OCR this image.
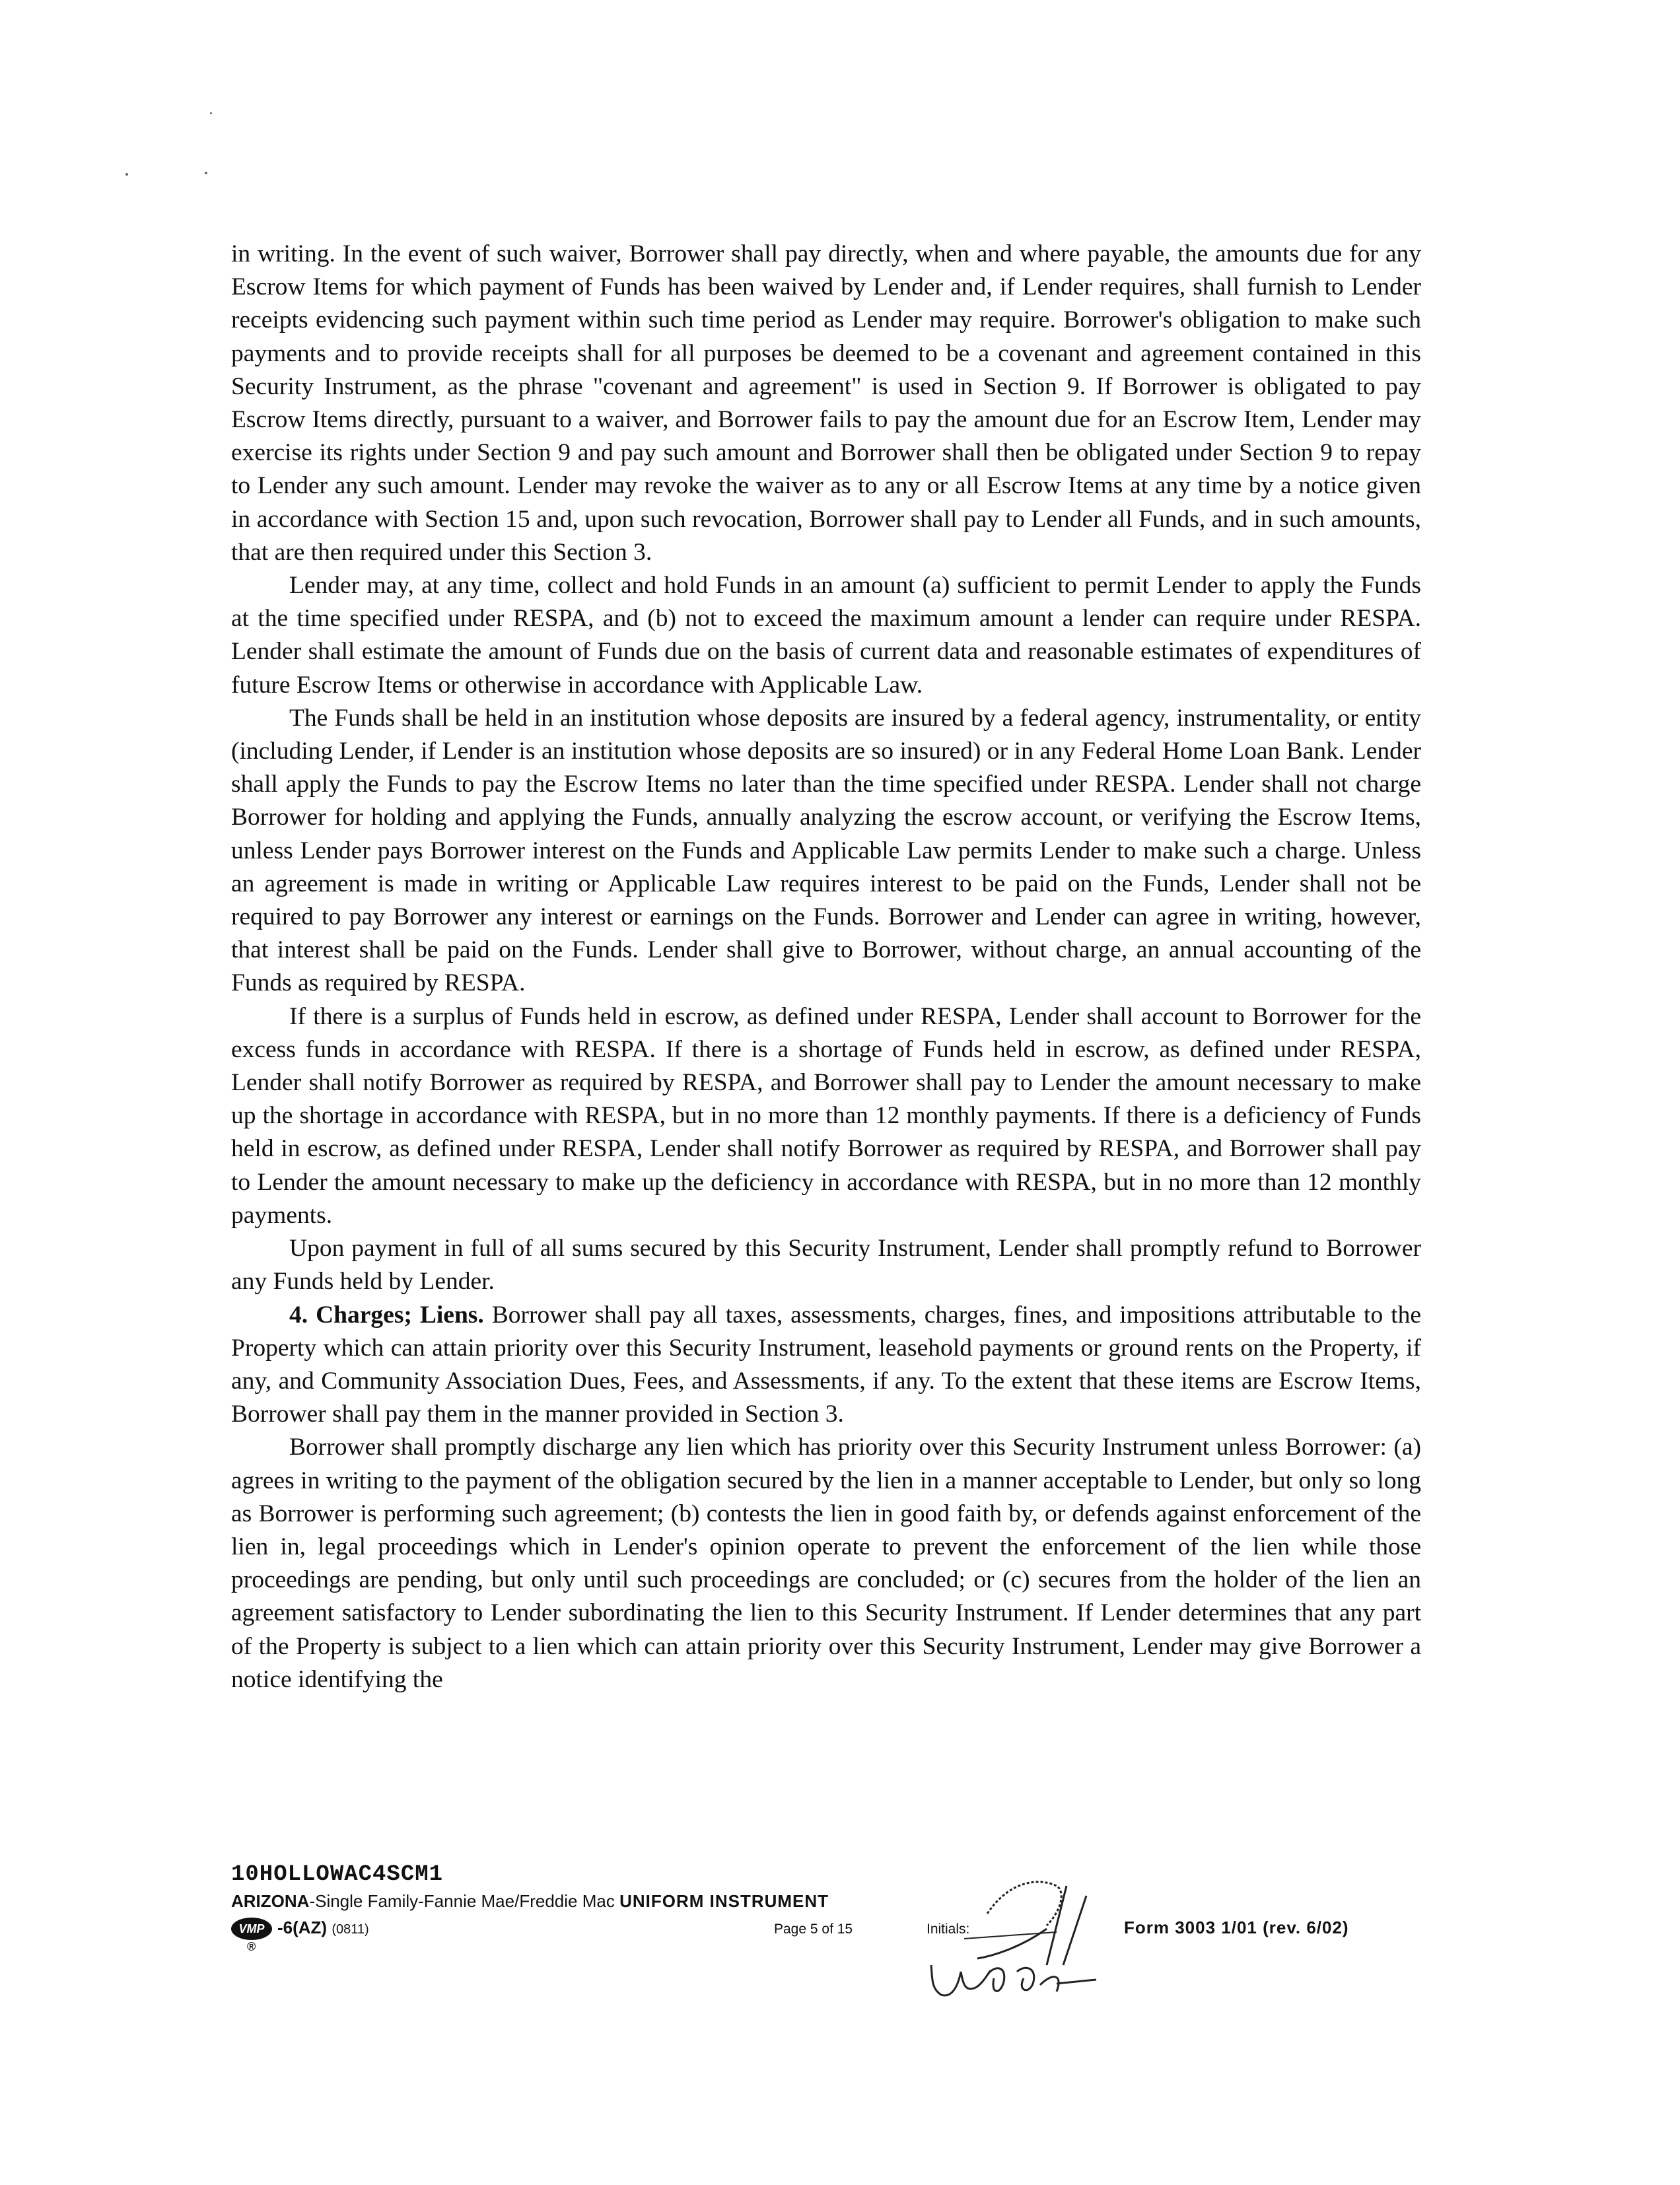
in writing. In the event of such waiver, Borrower shall pay directly, when and where payable, the amounts due for any Escrow Items for which payment of Funds has been waived by Lender and, if Lender requires, shall furnish to Lender receipts evidencing such payment within such time period as Lender may require. Borrower's obligation to make such payments and to provide receipts shall for all purposes be deemed to be a covenant and agreement contained in this Security Instrument, as the phrase "covenant and agreement" is used in Section 9. If Borrower is obligated to pay Escrow Items directly, pursuant to a waiver, and Borrower fails to pay the amount due for an Escrow Item, Lender may exercise its rights under Section 9 and pay such amount and Borrower shall then be obligated under Section 9 to repay to Lender any such amount. Lender may revoke the waiver as to any or all Escrow Items at any time by a notice given in accordance with Section 15 and, upon such revocation, Borrower shall pay to Lender all Funds, and in such amounts, that are then required under this Section 3.

Lender may, at any time, collect and hold Funds in an amount (a) sufficient to permit Lender to apply the Funds at the time specified under RESPA, and (b) not to exceed the maximum amount a lender can require under RESPA. Lender shall estimate the amount of Funds due on the basis of current data and reasonable estimates of expenditures of future Escrow Items or otherwise in accordance with Applicable Law.

The Funds shall be held in an institution whose deposits are insured by a federal agency, instrumentality, or entity (including Lender, if Lender is an institution whose deposits are so insured) or in any Federal Home Loan Bank. Lender shall apply the Funds to pay the Escrow Items no later than the time specified under RESPA. Lender shall not charge Borrower for holding and applying the Funds, annually analyzing the escrow account, or verifying the Escrow Items, unless Lender pays Borrower interest on the Funds and Applicable Law permits Lender to make such a charge. Unless an agreement is made in writing or Applicable Law requires interest to be paid on the Funds, Lender shall not be required to pay Borrower any interest or earnings on the Funds. Borrower and Lender can agree in writing, however, that interest shall be paid on the Funds. Lender shall give to Borrower, without charge, an annual accounting of the Funds as required by RESPA.

If there is a surplus of Funds held in escrow, as defined under RESPA, Lender shall account to Borrower for the excess funds in accordance with RESPA. If there is a shortage of Funds held in escrow, as defined under RESPA, Lender shall notify Borrower as required by RESPA, and Borrower shall pay to Lender the amount necessary to make up the shortage in accordance with RESPA, but in no more than 12 monthly payments. If there is a deficiency of Funds held in escrow, as defined under RESPA, Lender shall notify Borrower as required by RESPA, and Borrower shall pay to Lender the amount necessary to make up the deficiency in accordance with RESPA, but in no more than 12 monthly payments.

Upon payment in full of all sums secured by this Security Instrument, Lender shall promptly refund to Borrower any Funds held by Lender.

4. Charges; Liens. Borrower shall pay all taxes, assessments, charges, fines, and impositions attributable to the Property which can attain priority over this Security Instrument, leasehold payments or ground rents on the Property, if any, and Community Association Dues, Fees, and Assessments, if any. To the extent that these items are Escrow Items, Borrower shall pay them in the manner provided in Section 3.

Borrower shall promptly discharge any lien which has priority over this Security Instrument unless Borrower: (a) agrees in writing to the payment of the obligation secured by the lien in a manner acceptable to Lender, but only so long as Borrower is performing such agreement; (b) contests the lien in good faith by, or defends against enforcement of the lien in, legal proceedings which in Lender's opinion operate to prevent the enforcement of the lien while those proceedings are pending, but only until such proceedings are concluded; or (c) secures from the holder of the lien an agreement satisfactory to Lender subordinating the lien to this Security Instrument. If Lender determines that any part of the Property is subject to a lien which can attain priority over this Security Instrument, Lender may give Borrower a notice identifying the

10HOLLOWAC4SCM1
ARIZONA-Single Family-Fannie Mae/Freddie Mac UNIFORM INSTRUMENT
VMP
®
-6(AZ) (0811)	Page 5 of 15	Initials:	Form 3003 1/01 (rev. 6/02)
